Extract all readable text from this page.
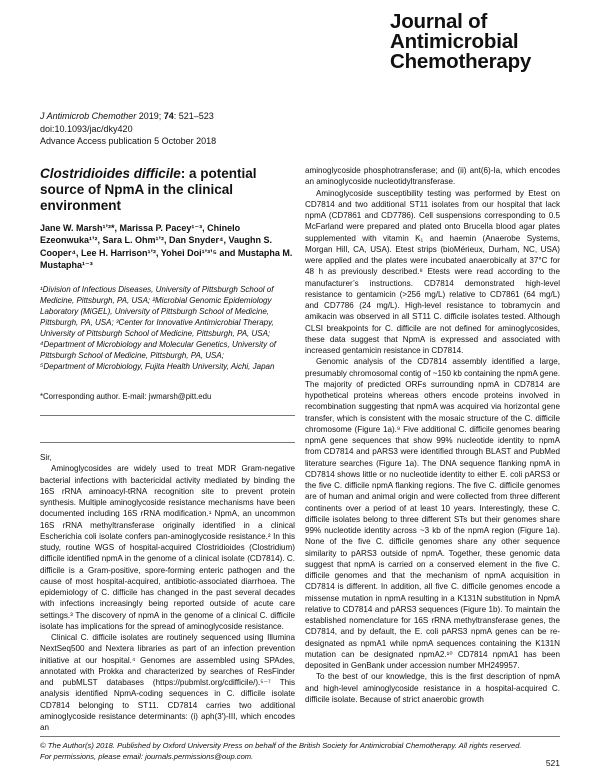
Journal of
Antimicrobial
Chemotherapy
J Antimicrob Chemother 2019; 74: 521–523
doi:10.1093/jac/dky420
Advance Access publication 5 October 2018
Clostridioides difficile: a potential source of NpmA in the clinical environment
Jane W. Marsh¹’²*, Marissa P. Pacey¹⁻³, Chinelo Ezeonwuka¹’², Sara L. Ohm¹’², Dan Snyder⁴, Vaughn S. Cooper⁴, Lee H. Harrison¹’², Yohei Doi¹’³’⁵ and Mustapha M. Mustapha¹⁻³
¹Division of Infectious Diseases, University of Pittsburgh School of Medicine, Pittsburgh, PA, USA; ²Microbial Genomic Epidemiology Laboratory (MiGEL), University of Pittsburgh School of Medicine, Pittsburgh, PA, USA; ³Center for Innovative Antimicrobial Therapy, University of Pittsburgh School of Medicine, Pittsburgh, PA, USA;
⁴Department of Microbiology and Molecular Genetics, University of Pittsburgh School of Medicine, Pittsburgh, PA, USA;
⁵Department of Microbiology, Fujita Health University, Aichi, Japan
*Corresponding author. E-mail: jwmarsh@pitt.edu

Sir,

Aminoglycosides are widely used to treat MDR Gram-negative bacterial infections with bactericidal activity mediated by binding the 16S rRNA aminoacyl-tRNA recognition site to prevent protein synthesis. Multiple aminoglycoside resistance mechanisms have been documented including 16S rRNA modification.¹ NpmA, an uncommon 16S rRNA methyltransferase originally identified in a clinical Escherichia coli isolate confers pan-aminoglycoside resistance.² In this study, routine WGS of hospital-acquired Clostridioides (Clostridium) difficile identified npmA in the genome of a clinical isolate (CD7814). C. difficile is a Gram-positive, spore-forming enteric pathogen and the cause of most hospital-acquired, antibiotic-associated diarrhoea. The epidemiology of C. difficile has changed in the past several decades with infections increasingly being reported outside of acute care settings.³ The discovery of npmA in the genome of a clinical C. difficile isolate has implications for the spread of aminoglycoside resistance.

Clinical C. difficile isolates are routinely sequenced using Illumina NextSeq500 and Nextera libraries as part of an infection prevention initiative at our hospital.⁴ Genomes are assembled using SPAdes, annotated with Prokka and characterized by searches of ResFinder and pubMLST databases (https://pubmlst.org/cdifficile/).⁵⁻⁷ This analysis identified NpmA-coding sequences in C. difficile isolate CD7814 belonging to ST11. CD7814 carries two additional aminoglycoside resistance determinants: (i) aph(3′)-III, which encodes an

aminoglycoside phosphotransferase; and (ii) ant(6)-Ia, which encodes an aminoglycoside nucleotidyltransferase.

Aminoglycoside susceptibility testing was performed by Etest on CD7814 and two additional ST11 isolates from our hospital that lack npmA (CD7861 and CD7786). Cell suspensions corresponding to 0.5 McFarland were prepared and plated onto Brucella blood agar plates supplemented with vitamin K₁ and haemin (Anaerobe Systems, Morgan Hill, CA, USA). Etest strips (bioMérieux, Durham, NC, USA) were applied and the plates were incubated anaerobically at 37°C for 48 h as previously described.⁸ Etests were read according to the manufacturer’s instructions. CD7814 demonstrated high-level resistance to gentamicin (>256 mg/L) relative to CD7861 (64 mg/L) and CD7786 (24 mg/L). High-level resistance to tobramycin and amikacin was observed in all ST11 C. difficile isolates tested. Although CLSI breakpoints for C. difficile are not defined for aminoglycosides, these data suggest that NpmA is expressed and associated with increased gentamicin resistance in CD7814.

Genomic analysis of the CD7814 assembly identified a large, presumably chromosomal contig of ~150 kb containing the npmA gene. The majority of predicted ORFs surrounding npmA in CD7814 are hypothetical proteins whereas others encode proteins involved in recombination suggesting that npmA was acquired via horizontal gene transfer, which is consistent with the mosaic structure of the C. difficile chromosome (Figure 1a).⁹ Five additional C. difficile genomes bearing npmA gene sequences that show 99% nucleotide identity to npmA from CD7814 and pARS3 were identified through BLAST and PubMed literature searches (Figure 1a). The DNA sequence flanking npmA in CD7814 shows little or no nucleotide identity to either E. coli pARS3 or the five C. difficile npmA flanking regions. The five C. difficile genomes are of human and animal origin and were collected from three different continents over a period of at least 10 years. Interestingly, these C. difficile isolates belong to three different STs but their genomes share 99% nucleotide identity across ~3 kb of the npmA region (Figure 1a). None of the five C. difficile genomes share any other sequence similarity to pARS3 outside of npmA. Together, these genomic data suggest that npmA is carried on a conserved element in the five C. difficile genomes and that the mechanism of npmA acquisition in CD7814 is different. In addition, all five C. difficile genomes encode a missense mutation in npmA resulting in a K131N substitution in NpmA relative to CD7814 and pARS3 sequences (Figure 1b). To maintain the established nomenclature for 16S rRNA methyltransferase genes, the CD7814, and by default, the E. coli pARS3 npmA genes can be re-designated as npmA1 while npmA sequences containing the K131N mutation can be designated npmA2.¹⁰ CD7814 npmA1 has been deposited in GenBank under accession number MH249957.

To the best of our knowledge, this is the first description of npmA and high-level aminoglycoside resistance in a hospital-acquired C. difficile isolate. Because of strict anaerobic growth

© The Author(s) 2018. Published by Oxford University Press on behalf of the British Society for Antimicrobial Chemotherapy. All rights reserved.
For permissions, please email: journals.permissions@oup.com.
521
